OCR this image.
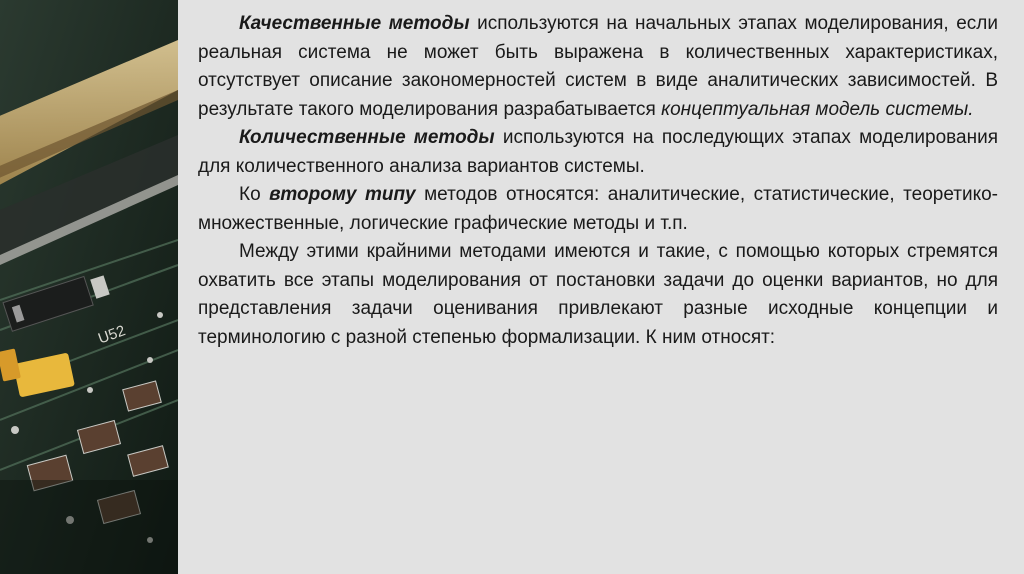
U52

Качественные методы используются на начальных этапах моделирования, если реальная система не может быть выражена в количественных характеристиках, отсутствует описание закономерностей систем в виде аналитических зависимостей. В результате такого моделирования разрабатывается концептуальная модель системы.

Количественные методы используются на последующих этапах моделирования для количественного анализа вариантов системы.

Ко второму типу методов относятся: аналитические, статистические, теоретико-множественные, логические графические методы и т.п.

Между этими крайними методами имеются и такие, с помощью которых стремятся охватить все этапы моделирования от постановки задачи до оценки вариантов, но для представления задачи оценивания привлекают разные исходные концепции и терминологию с разной степенью формализации. К ним относят:
